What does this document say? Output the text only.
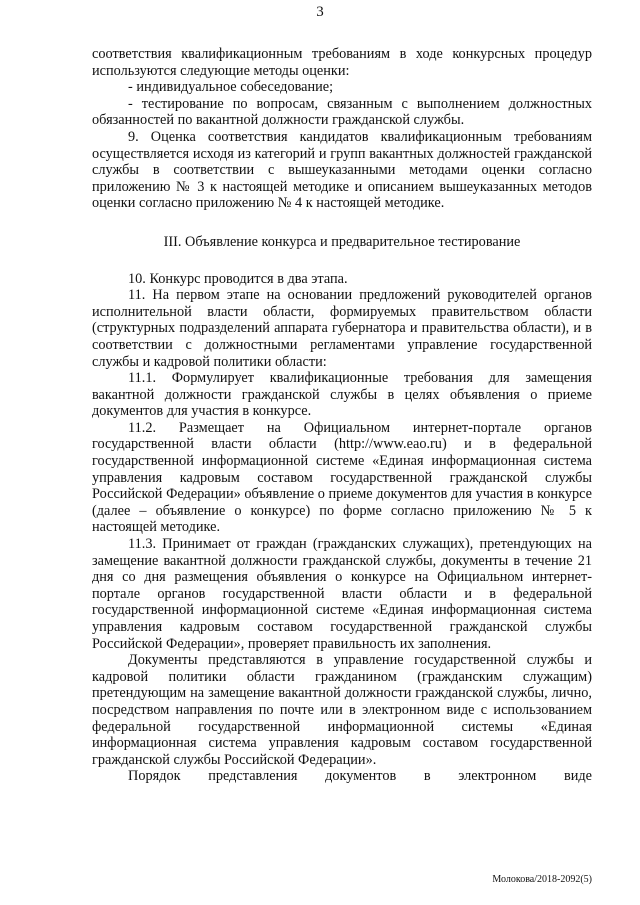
3

соответствия квалификационным требованиям в ходе конкурсных процедур используются следующие методы оценки:

- индивидуальное собеседование;

- тестирование по вопросам, связанным с выполнением должностных обязанностей по вакантной должности гражданской службы.

9. Оценка соответствия кандидатов квалификационным требованиям осуществляется исходя из категорий и групп вакантных должностей гражданской службы в соответствии с вышеуказанными методами оценки согласно приложению № 3 к настоящей методике и описанием вышеуказанных методов оценки согласно приложению № 4 к настоящей методике.

III. Объявление конкурса и предварительное тестирование

10. Конкурс проводится в два этапа.

11. На первом этапе на основании предложений руководителей органов исполнительной власти области, формируемых правительством области (структурных подразделений аппарата губернатора и правительства области), и в соответствии с должностными регламентами управление государственной службы и кадровой политики области:

11.1. Формулирует квалификационные требования для замещения вакантной должности гражданской службы в целях объявления о приеме документов для участия в конкурсе.

11.2. Размещает на Официальном интернет-портале органов государственной власти области (http://www.eao.ru) и в федеральной государственной информационной системе «Единая информационная система управления кадровым составом государственной гражданской службы Российской Федерации» объявление о приеме документов для участия в конкурсе (далее – объявление о конкурсе) по форме согласно приложению № 5 к настоящей методике.

11.3. Принимает от граждан (гражданских служащих), претендующих на замещение вакантной должности гражданской службы, документы в течение 21 дня со дня размещения объявления о конкурсе на Официальном интернет-портале органов государственной власти области и в федеральной государственной информационной системе «Единая информационная система управления кадровым составом государственной гражданской службы Российской Федерации», проверяет правильность их заполнения.

Документы представляются в управление государственной службы и кадровой политики области гражданином (гражданским служащим) претендующим на замещение вакантной должности гражданской службы, лично, посредством направления по почте или в электронном виде с использованием федеральной государственной информационной системы «Единая информационная система управления кадровым составом государственной гражданской службы Российской Федерации».

Порядок представления документов в электронном виде

Молокова/2018-2092(5)
